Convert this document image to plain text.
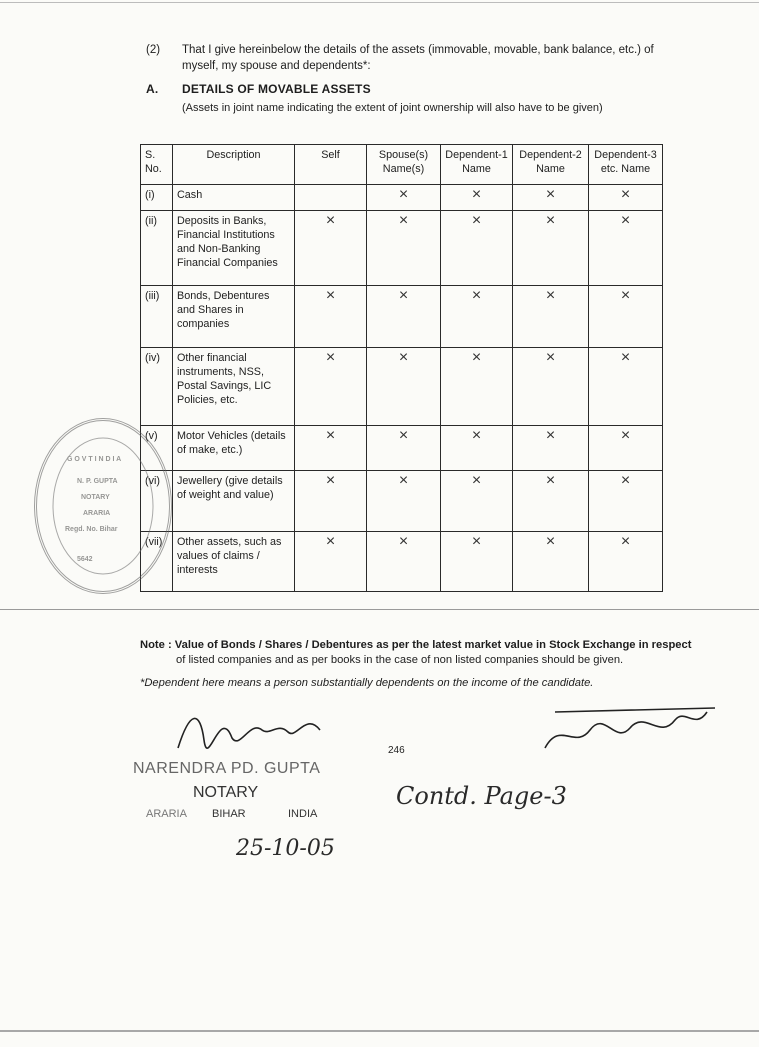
(2) That I give hereinbelow the details of the assets (immovable, movable, bank balance, etc.) of
myself, my spouse and dependents*:
A. DETAILS OF MOVABLE ASSETS
(Assets in joint name indicating the extent of joint ownership will also have to be given)
S. No.	Description	Self	Spouse(s) Name(s)	Dependent-1 Name	Dependent-2 Name	Dependent-3 etc. Name
(i)	Cash		×	×	×	×
(ii)	Deposits in Banks, Financial Institutions and Non-Banking Financial Companies	×	×	×	×	×
(iii)	Bonds, Debentures and Shares in companies	×	×	×	×	×
(iv)	Other financial instruments, NSS, Postal Savings, LIC Policies, etc.	×	×	×	×	×
(v)	Motor Vehicles (details of make, etc.)	×	×	×	×	×
(vi)	Jewellery (give details of weight and value)	×	×	×	×	×
(vii)	Other assets, such as values of claims / interests	×	×	×	×	×
G O V T I N D I A
N. P. GUPTA
NOTARY
ARARIA
Regd. No. Bihar
5642
Note : Value of Bonds / Shares / Debentures as per the latest market value in Stock Exchange in respect
of listed companies and as per books in the case of non listed companies should be given.
*Dependent here means a person substantially dependents on the income of the candidate.
NARENDRA PD. GUPTA
NOTARY
ARARIA BIHAR	INDIA
25-10-05
246
Contd. Page-3
